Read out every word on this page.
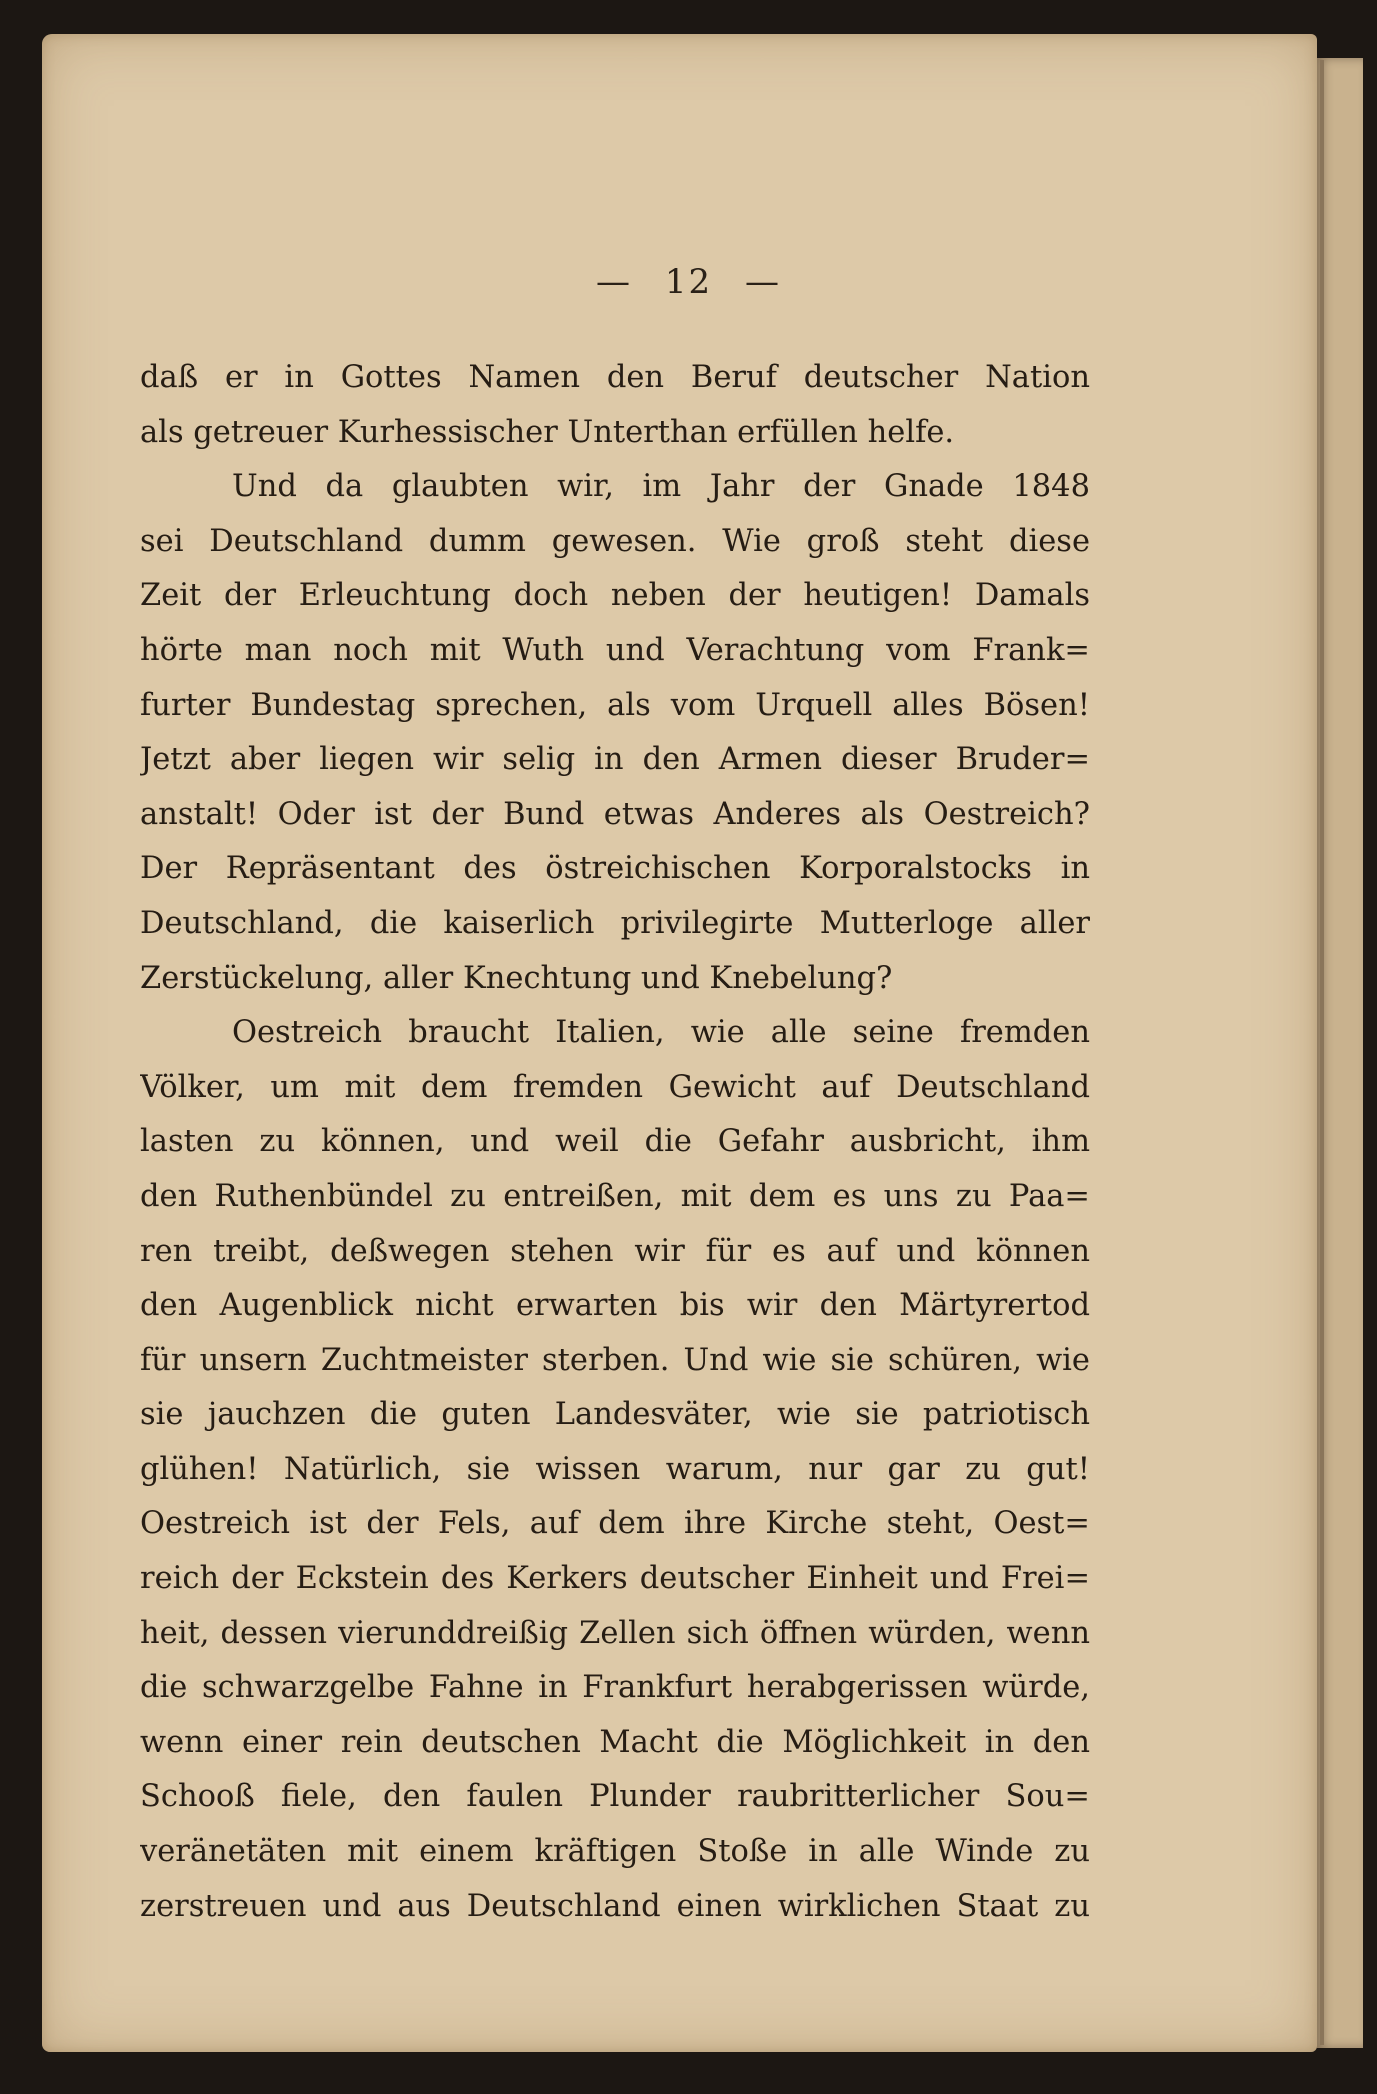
— 12 —
daß er in Gottes Namen den Beruf deutscher Nation
als getreuer Kurhessischer Unterthan erfüllen helfe.
Und da glaubten wir, im Jahr der Gnade 1848
sei Deutschland dumm gewesen. Wie groß steht diese
Zeit der Erleuchtung doch neben der heutigen! Damals
hörte man noch mit Wuth und Verachtung vom Frank=
furter Bundestag sprechen, als vom Urquell alles Bösen!
Jetzt aber liegen wir selig in den Armen dieser Bruder=
anstalt! Oder ist der Bund etwas Anderes als Oestreich?
Der Repräsentant des östreichischen Korporalstocks in
Deutschland, die kaiserlich privilegirte Mutterloge aller
Zerstückelung, aller Knechtung und Knebelung?
Oestreich braucht Italien, wie alle seine fremden
Völker, um mit dem fremden Gewicht auf Deutschland
lasten zu können, und weil die Gefahr ausbricht, ihm
den Ruthenbündel zu entreißen, mit dem es uns zu Paa=
ren treibt, deßwegen stehen wir für es auf und können
den Augenblick nicht erwarten bis wir den Märtyrertod
für unsern Zuchtmeister sterben. Und wie sie schüren, wie
sie jauchzen die guten Landesväter, wie sie patriotisch
glühen! Natürlich, sie wissen warum, nur gar zu gut!
Oestreich ist der Fels, auf dem ihre Kirche steht, Oest=
reich der Eckstein des Kerkers deutscher Einheit und Frei=
heit, dessen vierunddreißig Zellen sich öffnen würden, wenn
die schwarzgelbe Fahne in Frankfurt herabgerissen würde,
wenn einer rein deutschen Macht die Möglichkeit in den
Schooß fiele, den faulen Plunder raubritterlicher Sou=
veränetäten mit einem kräftigen Stoße in alle Winde zu
zerstreuen und aus Deutschland einen wirklichen Staat zu
